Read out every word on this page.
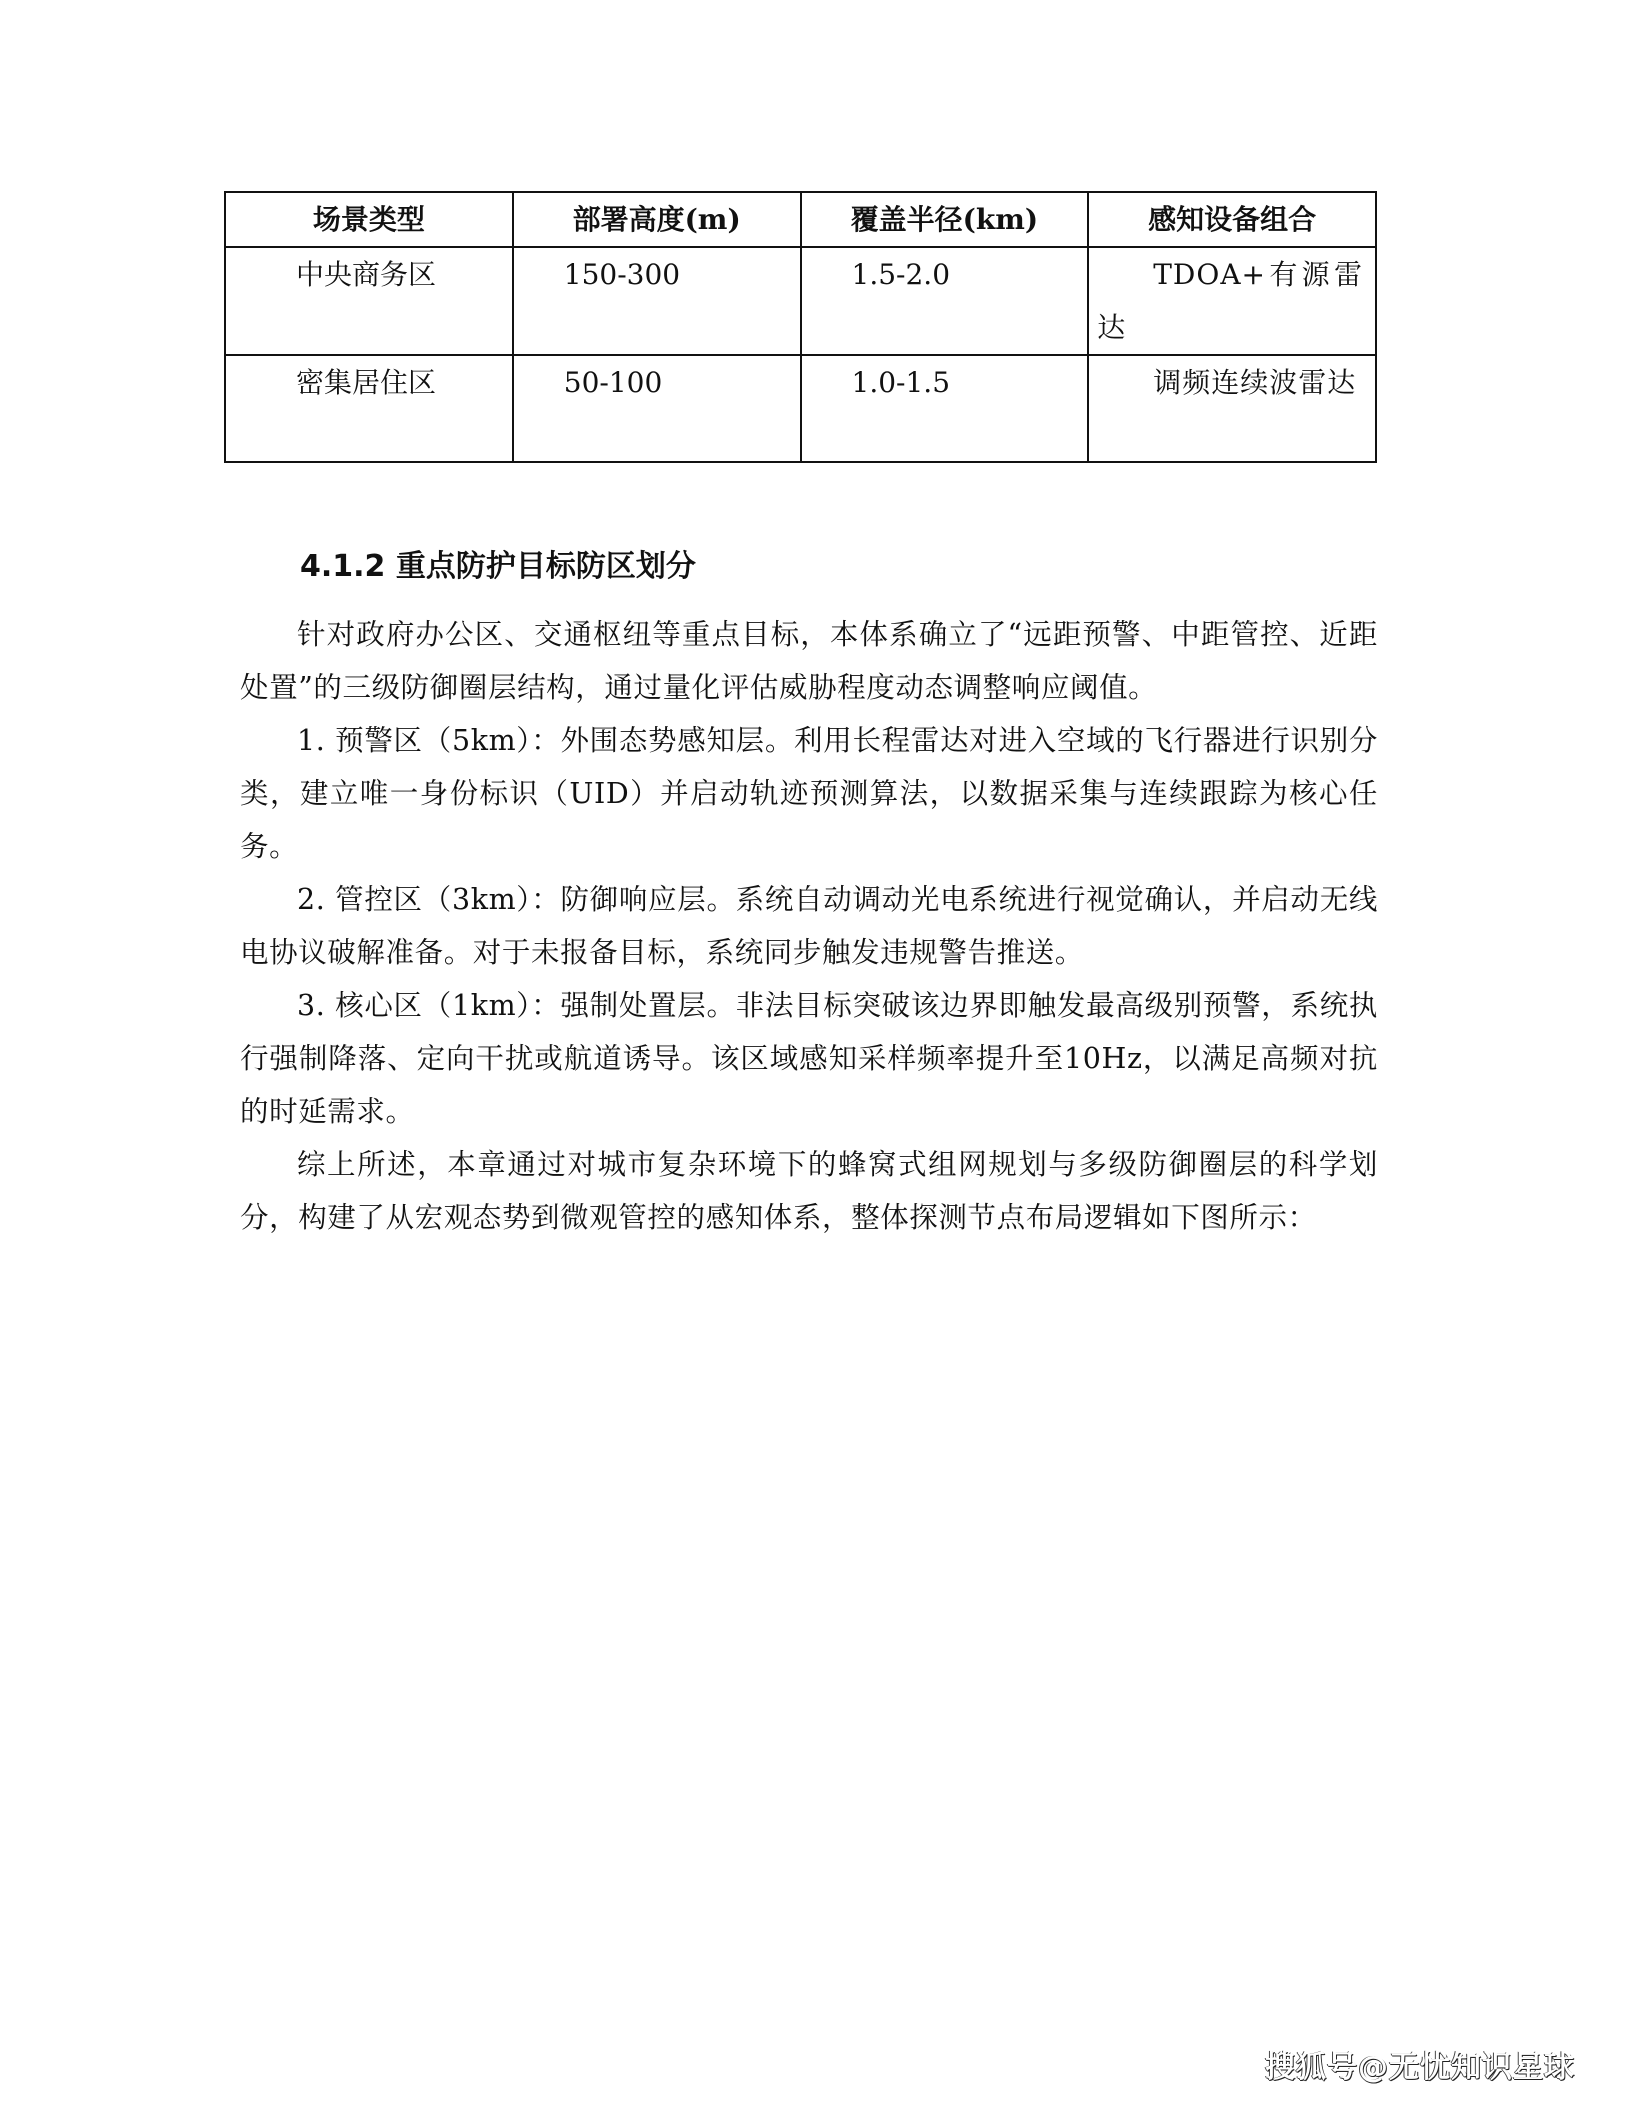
场景类型	部署高度(m)	覆盖半径(km)	感知设备组合
中央商务区	150-300	1.5-2.0	TDOA+有源雷达
密集居住区	50-100	1.0-1.5	调频连续波雷达
4.1.2 重点防护目标防区划分

针对政府办公区、交通枢纽等重点目标，本体系确立了“远距预警、中距管控、近距处置”的三级防御圈层结构，通过量化评估威胁程度动态调整响应阈值。

1. 预警区（5km）：外围态势感知层。利用长程雷达对进入空域的飞行器进行识别分类，建立唯一身份标识（UID）并启动轨迹预测算法，以数据采集与连续跟踪为核心任务。

2. 管控区（3km）：防御响应层。系统自动调动光电系统进行视觉确认，并启动无线电协议破解准备。对于未报备目标，系统同步触发违规警告推送。

3. 核心区（1km）：强制处置层。非法目标突破该边界即触发最高级别预警，系统执行强制降落、定向干扰或航道诱导。该区域感知采样频率提升至10Hz，以满足高频对抗的时延需求。

综上所述，本章通过对城市复杂环境下的蜂窝式组网规划与多级防御圈层的科学划分，构建了从宏观态势到微观管控的感知体系，整体探测节点布局逻辑如下图所示：

搜狐号@无忧知识星球
